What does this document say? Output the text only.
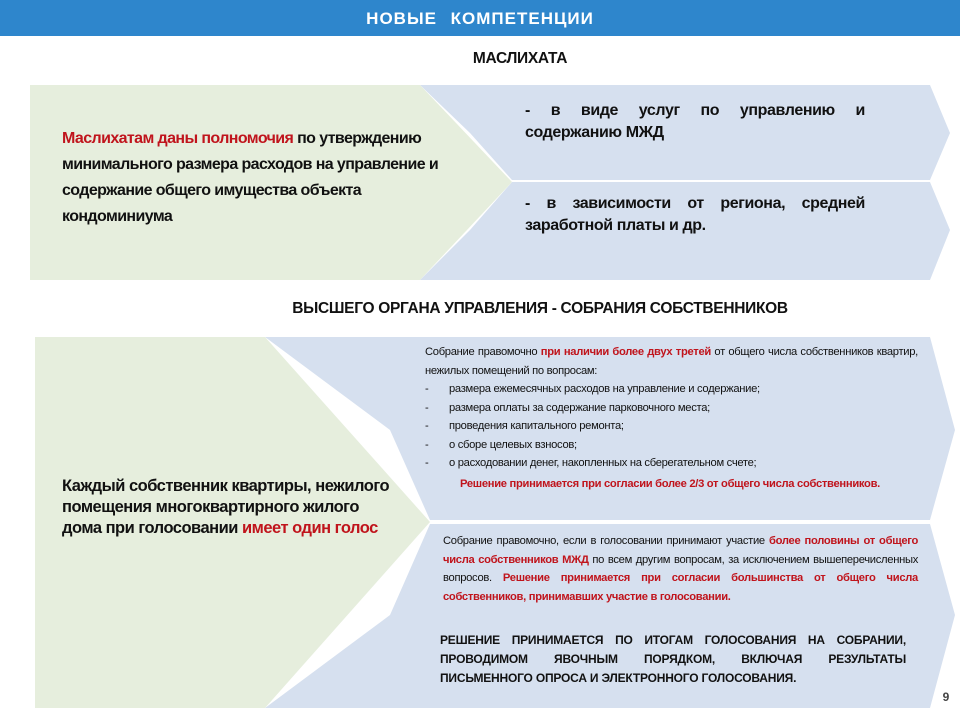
НОВЫЕ КОМПЕТЕНЦИИ
МАСЛИХАТА
Маслихатам даны полномочия по утверждению минимального размера расходов на управление и содержание общего имущества объекта кондоминиума
- в виде услуг по управлению и содержанию МЖД
- в зависимости от региона, средней заработной платы и др.
ВЫСШЕГО ОРГАНА УПРАВЛЕНИЯ - СОБРАНИЯ СОБСТВЕННИКОВ
Каждый собственник квартиры, нежилого помещения многоквартирного жилого дома при голосовании имеет один голос
Собрание правомочно при наличии более двух третей от общего числа собственников квартир, нежилых помещений по вопросам:
-	размера ежемесячных расходов на управление и содержание;
-	размера оплаты за содержание парковочного места;
-	проведения капитального ремонта;
-	о сборе целевых взносов;
-	о расходовании денег, накопленных на сберегательном счете;
Решение принимается при согласии более 2/3 от общего числа собственников.
Собрание правомочно, если в голосовании принимают участие более половины от общего числа собственников МЖД по всем другим вопросам, за исключением вышеперечисленных вопросов. Решение принимается при согласии большинства от общего числа собственников, принимавших участие в голосовании.
РЕШЕНИЕ ПРИНИМАЕТСЯ ПО ИТОГАМ ГОЛОСОВАНИЯ НА СОБРАНИИ, ПРОВОДИМОМ ЯВОЧНЫМ ПОРЯДКОМ, ВКЛЮЧАЯ РЕЗУЛЬТАТЫ ПИСЬМЕННОГО ОПРОСА И ЭЛЕКТРОННОГО ГОЛОСОВАНИЯ.
9
